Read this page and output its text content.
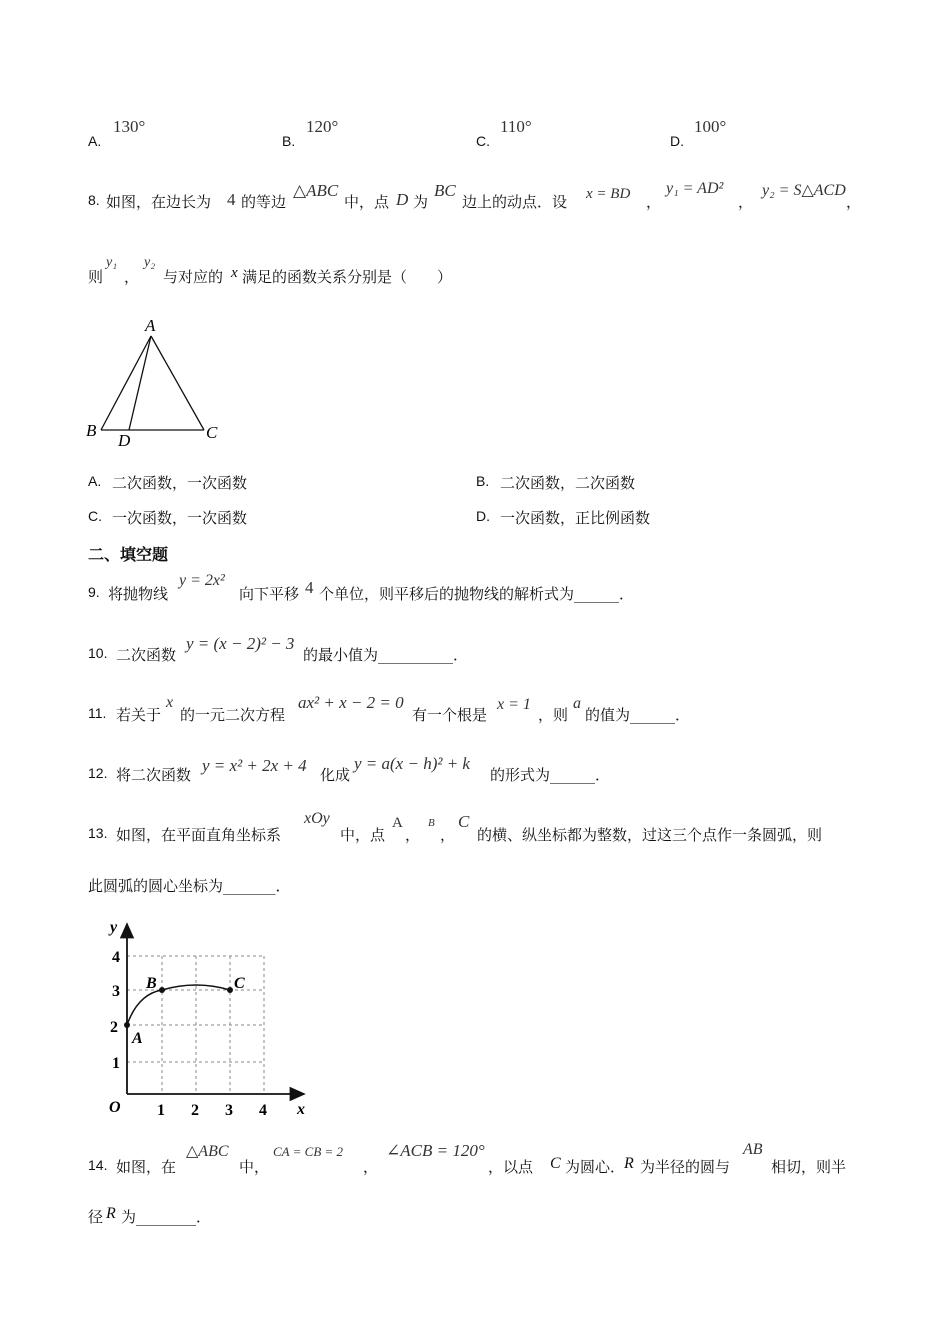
A.
130°
B.
120°
C.
110°
D.
100°
8. 如图，在边长为 4 的等边
△ABC
中，点 D 为
BC
边上的动点．设 x = BD ，
y₁ = AD²
，
y₂ = S△ACD
，
则
y₁
，
y₂
与对应的 x 满足的函数关系分别是（　　）
A
B	C
D
A. 二次函数，一次函数	B. 二次函数，二次函数
C. 一次函数，一次函数	D. 一次函数，正比例函数
二、填空题
9. 将抛物线
y = 2x²
向下平移 4 个单位，则平移后的抛物线的解析式为______．
10. 二次函数
y = (x − 2)² − 3
的最小值为__________．
11. 若关于
x
的一元二次方程
ax² + x − 2 = 0
有一个根是
x = 1
，则
a
的值为______．
12. 将二次函数 y = x² + 2x + 4 化成
y = a(x − h)² + k
的形式为______．
13. 如图，在平面直角坐标系
xOy
中，点
A
，
B
，
C
的横、纵坐标都为整数，过这三个点作一条圆弧，则
此圆弧的圆心坐标为_______．
y
x
O 1 2 3 4
1
2
3
4
A
B	C
14. 如图，在
△ABC
中，
CA = CB = 2
，
∠ACB = 120°
，以点 C 为圆心．
R 为半径的圆与
AB
相切，则半
径 R 为________．
